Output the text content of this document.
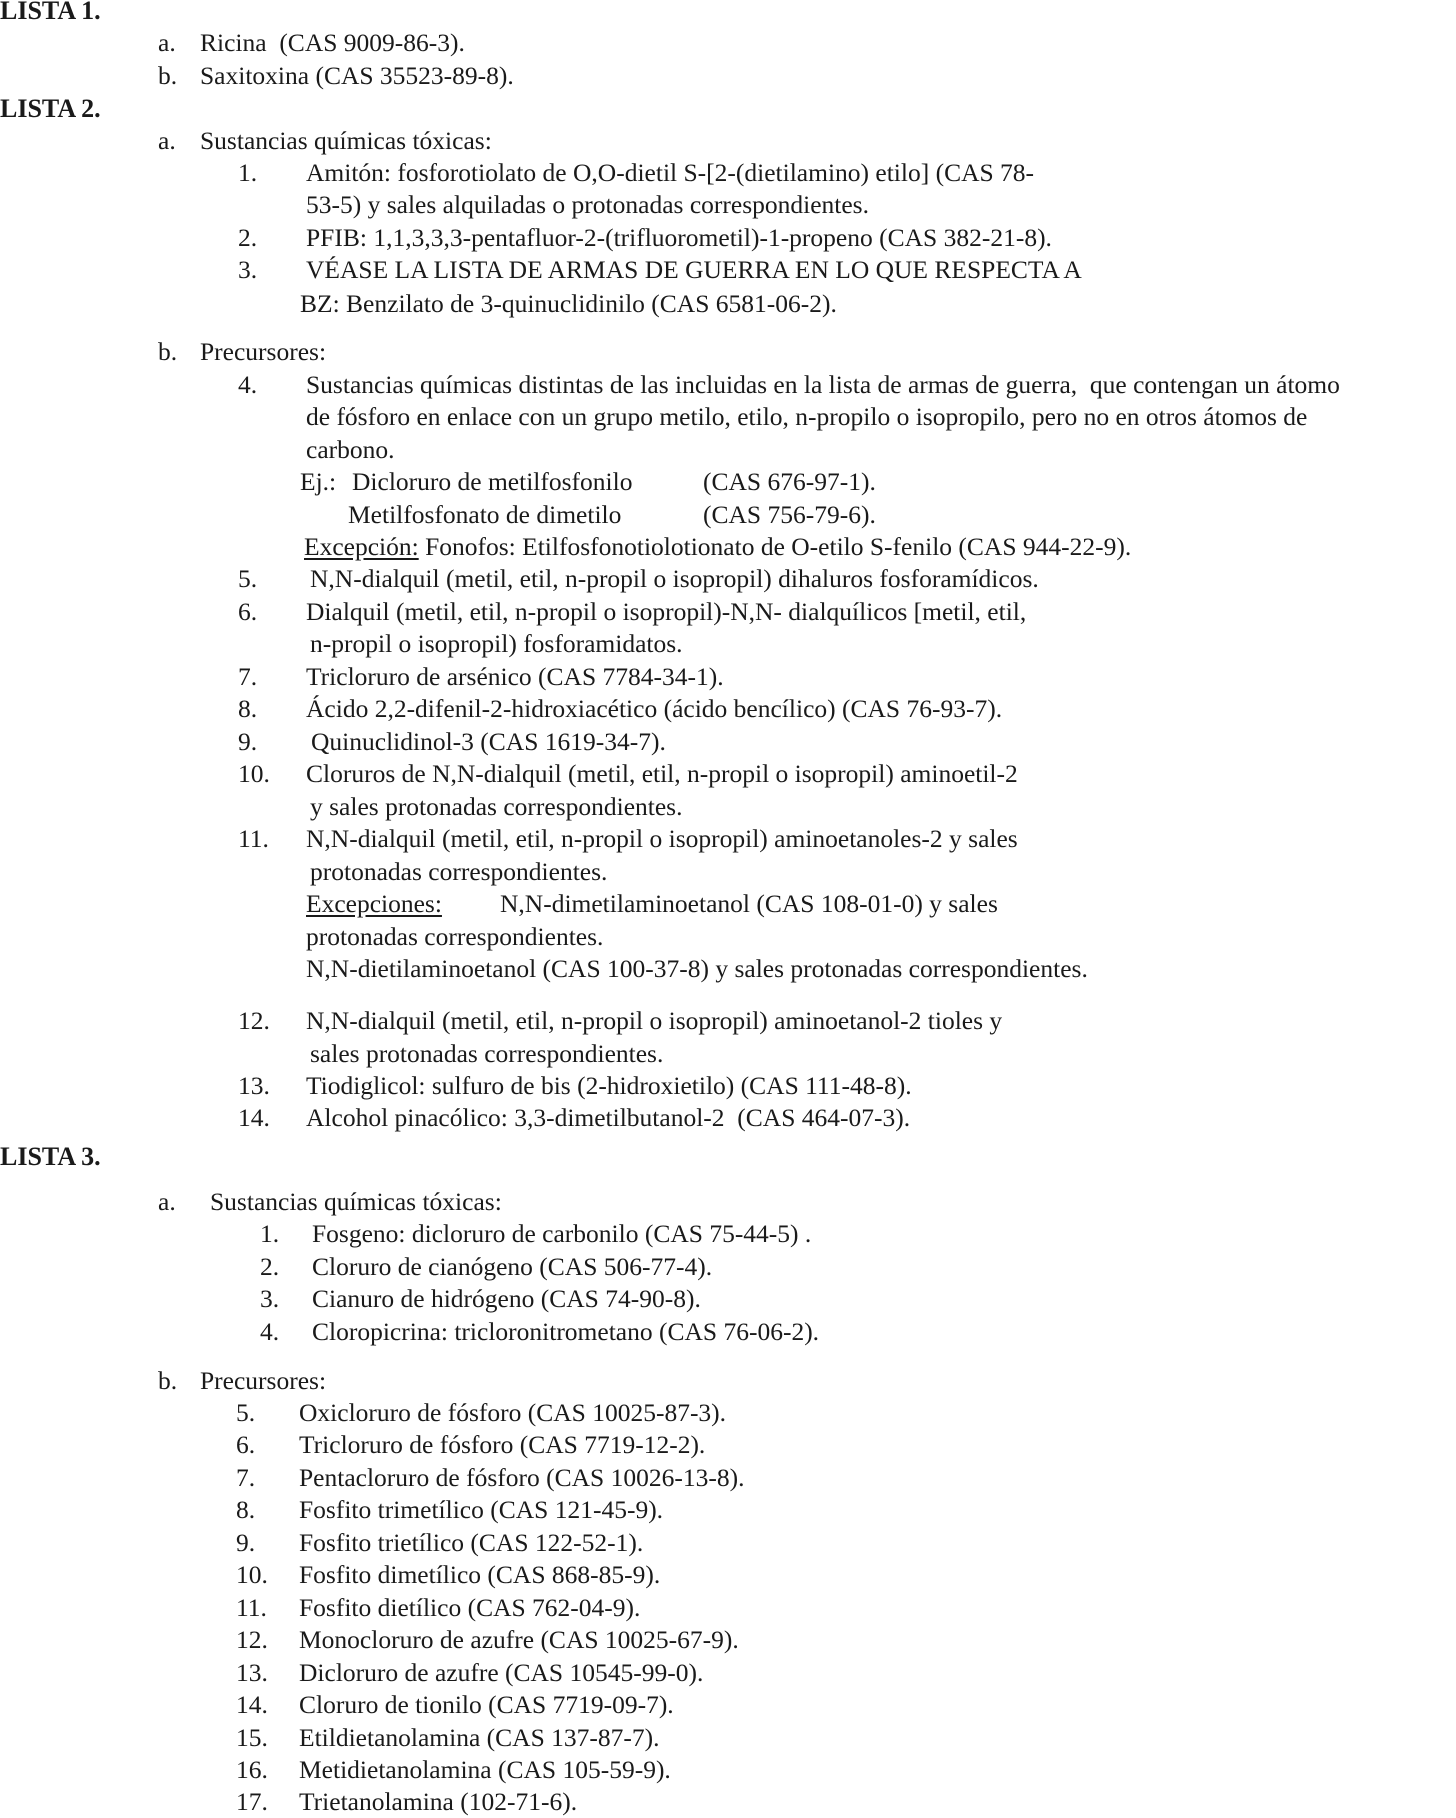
LISTA 1.
a. Ricina  (CAS 9009-86-3).
b. Saxitoxina (CAS 35523-89-8).
LISTA 2.
a. Sustancias químicas tóxicas:
1. Amitón: fosforotiolato de O,O-dietil S-[2-(dietilamino) etilo] (CAS 78-
53-5) y sales alquiladas o protonadas correspondientes.
2. PFIB: 1,1,3,3,3-pentafluor-2-(trifluorometil)-1-propeno (CAS 382-21-8).
3. VÉASE LA LISTA DE ARMAS DE GUERRA EN LO QUE RESPECTA A
BZ: Benzilato de 3-quinuclidinilo (CAS 6581-06-2).
b. Precursores:
4. Sustancias químicas distintas de las incluidas en la lista de armas de guerra,  que contengan un átomo
de fósforo en enlace con un grupo metilo, etilo, n-propilo o isopropilo, pero no en otros átomos de
carbono.
Ej.: Dicloruro de metilfosfonilo	(CAS 676-97-1).
Metilfosfonato de dimetilo	(CAS 756-79-6).
Excepción: Fonofos: Etilfosfonotiolotionato de O-etilo S-fenilo (CAS 944-22-9).
5. N,N-dialquil (metil, etil, n-propil o isopropil) dihaluros fosforamídicos.
6. Dialquil (metil, etil, n-propil o isopropil)-N,N- dialquílicos [metil, etil,
n-propil o isopropil) fosforamidatos.
7. Tricloruro de arsénico (CAS 7784-34-1).
8. Ácido 2,2-difenil-2-hidroxiacético (ácido bencílico) (CAS 76-93-7).
9. Quinuclidinol-3 (CAS 1619-34-7).
10. Cloruros de N,N-dialquil (metil, etil, n-propil o isopropil) aminoetil-2
y sales protonadas correspondientes.
11. N,N-dialquil (metil, etil, n-propil o isopropil) aminoetanoles-2 y sales
protonadas correspondientes.
Excepciones: N,N-dimetilaminoetanol (CAS 108-01-0) y sales
protonadas correspondientes.
N,N-dietilaminoetanol (CAS 100-37-8) y sales protonadas correspondientes.
12. N,N-dialquil (metil, etil, n-propil o isopropil) aminoetanol-2 tioles y
sales protonadas correspondientes.
13. Tiodiglicol: sulfuro de bis (2-hidroxietilo) (CAS 111-48-8).
14. Alcohol pinacólico: 3,3-dimetilbutanol-2  (CAS 464-07-3).
LISTA 3.
a. Sustancias químicas tóxicas:
1. Fosgeno: dicloruro de carbonilo (CAS 75-44-5) .
2. Cloruro de cianógeno (CAS 506-77-4).
3. Cianuro de hidrógeno (CAS 74-90-8).
4. Cloropicrina: tricloronitrometano (CAS 76-06-2).
b. Precursores:
5. Oxicloruro de fósforo (CAS 10025-87-3).
6. Tricloruro de fósforo (CAS 7719-12-2).
7. Pentacloruro de fósforo (CAS 10026-13-8).
8. Fosfito trimetílico (CAS 121-45-9).
9. Fosfito trietílico (CAS 122-52-1).
10. Fosfito dimetílico (CAS 868-85-9).
11. Fosfito dietílico (CAS 762-04-9).
12. Monocloruro de azufre (CAS 10025-67-9).
13. Dicloruro de azufre (CAS 10545-99-0).
14. Cloruro de tionilo (CAS 7719-09-7).
15. Etildietanolamina (CAS 137-87-7).
16. Metidietanolamina (CAS 105-59-9).
17. Trietanolamina (102-71-6).
